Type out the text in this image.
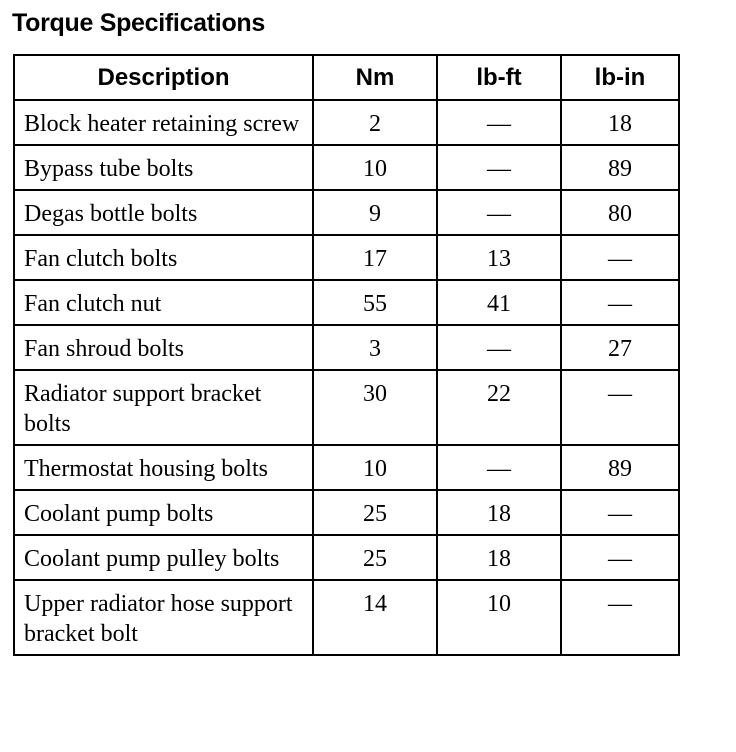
Torque Specifications
Description	Nm	lb-ft	lb-in
Block heater retaining screw	2	—	18
Bypass tube bolts	10	—	89
Degas bottle bolts	9	—	80
Fan clutch bolts	17	13	—
Fan clutch nut	55	41	—
Fan shroud bolts	3	—	27
Radiator support bracket bolts	30	22	—
Thermostat housing bolts	10	—	89
Coolant pump bolts	25	18	—
Coolant pump pulley bolts	25	18	—
Upper radiator hose support bracket bolt	14	10	—
